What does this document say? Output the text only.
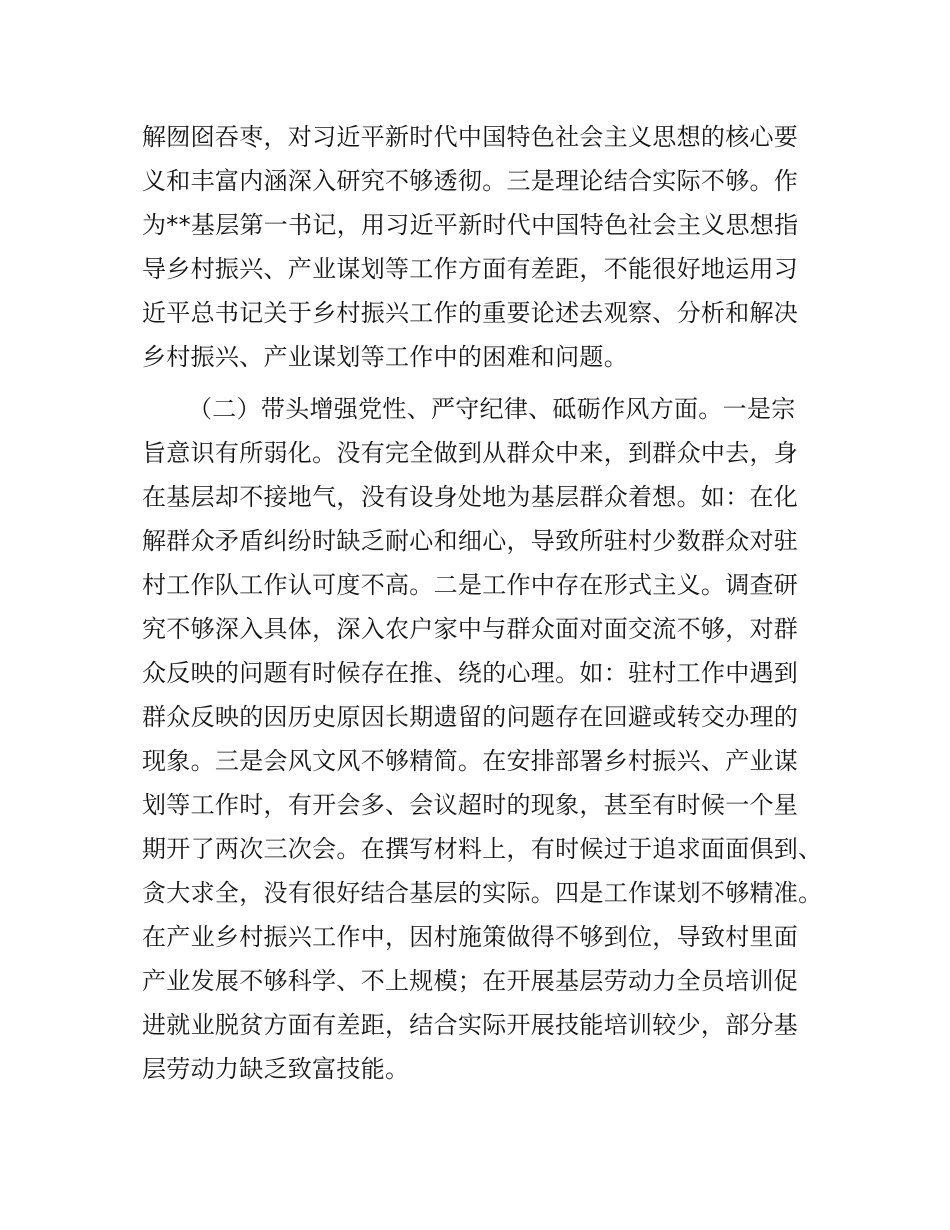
解囫囵吞枣，对习近平新时代中国特色社会主义思想的核心要
义和丰富内涵深入研究不够透彻。三是理论结合实际不够。作
为**基层第一书记，用习近平新时代中国特色社会主义思想指
导乡村振兴、产业谋划等工作方面有差距，不能很好地运用习
近平总书记关于乡村振兴工作的重要论述去观察、分析和解决
乡村振兴、产业谋划等工作中的困难和问题。
（二）带头增强党性、严守纪律、砥砺作风方面。一是宗
旨意识有所弱化。没有完全做到从群众中来，到群众中去，身
在基层却不接地气，没有设身处地为基层群众着想。如：在化
解群众矛盾纠纷时缺乏耐心和细心，导致所驻村少数群众对驻
村工作队工作认可度不高。二是工作中存在形式主义。调查研
究不够深入具体，深入农户家中与群众面对面交流不够，对群
众反映的问题有时候存在推、绕的心理。如：驻村工作中遇到
群众反映的因历史原因长期遗留的问题存在回避或转交办理的
现象。三是会风文风不够精简。在安排部署乡村振兴、产业谋
划等工作时，有开会多、会议超时的现象，甚至有时候一个星
期开了两次三次会。在撰写材料上，有时候过于追求面面俱到、
贪大求全，没有很好结合基层的实际。四是工作谋划不够精准。
在产业乡村振兴工作中，因村施策做得不够到位，导致村里面
产业发展不够科学、不上规模；在开展基层劳动力全员培训促
进就业脱贫方面有差距，结合实际开展技能培训较少，部分基
层劳动力缺乏致富技能。
